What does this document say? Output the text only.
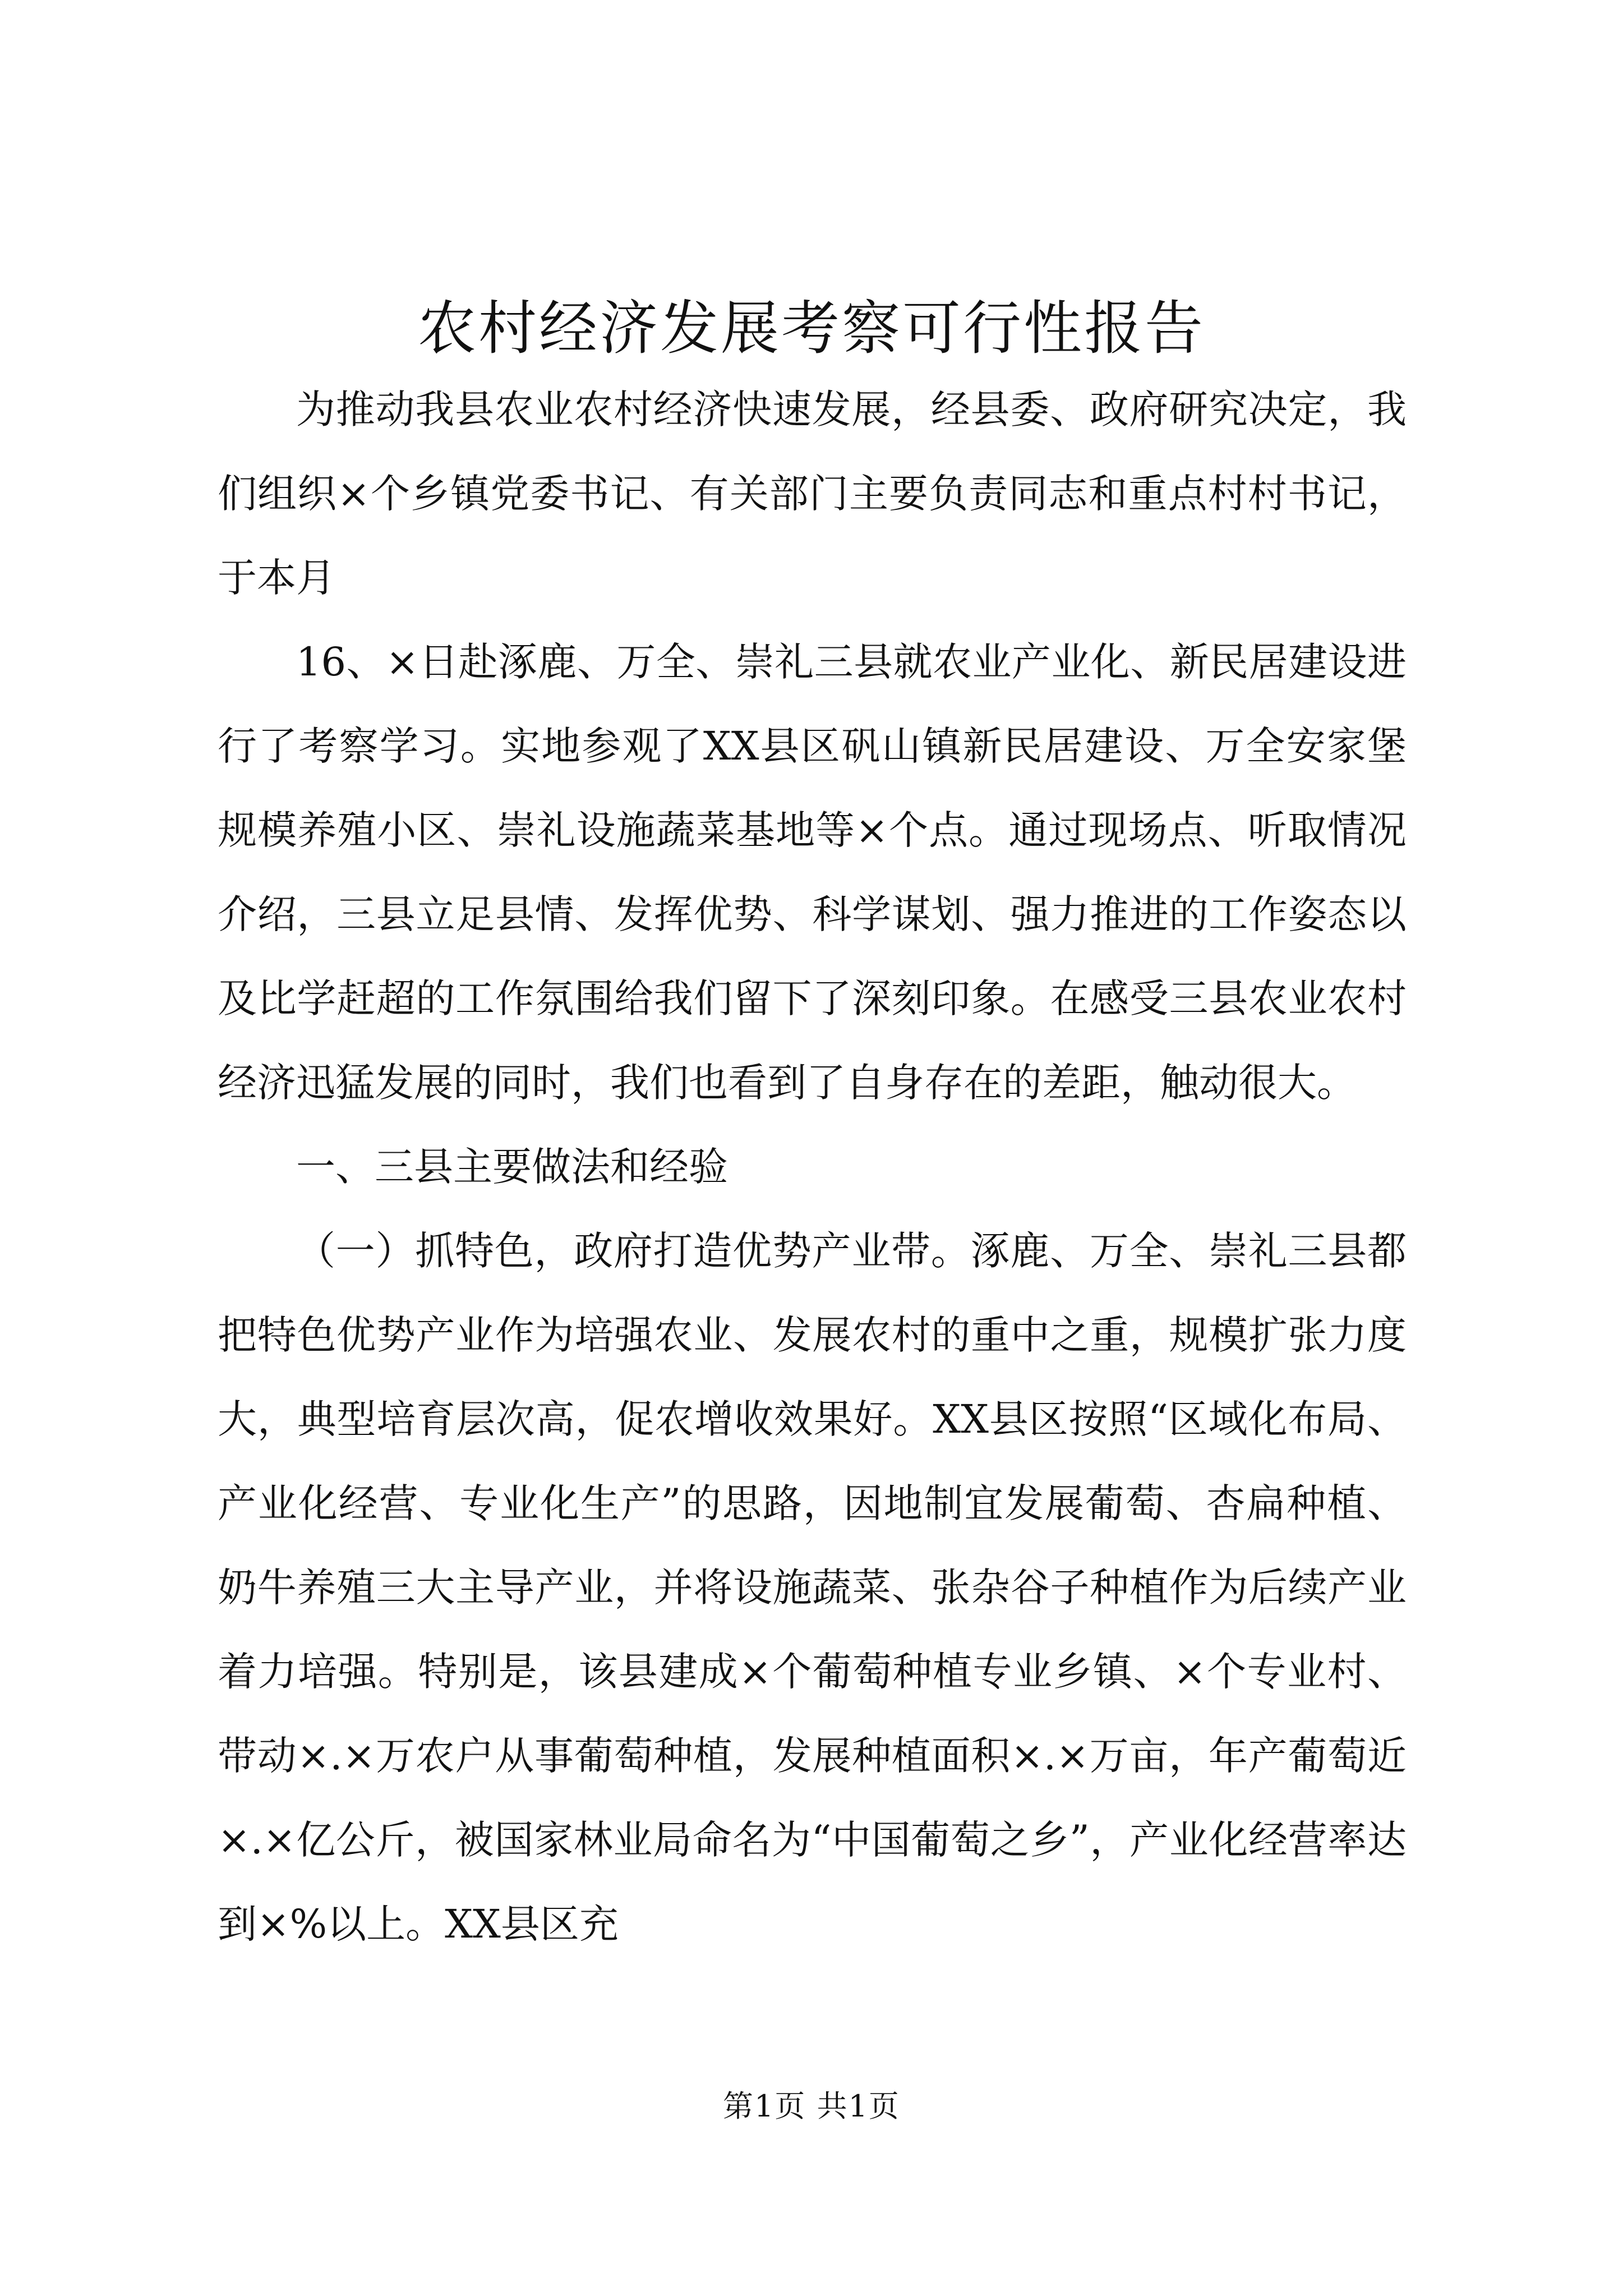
农村经济发展考察可行性报告

为推动我县农业农村经济快速发展，经县委、政府研究决定，我们组织×个乡镇党委书记、有关部门主要负责同志和重点村村书记，于本月

16、×日赴涿鹿、万全、崇礼三县就农业产业化、新民居建设进行了考察学习。实地参观了XX县区矾山镇新民居建设、万全安家堡规模养殖小区、崇礼设施蔬菜基地等×个点。通过现场点、听取情况介绍，三县立足县情、发挥优势、科学谋划、强力推进的工作姿态以及比学赶超的工作氛围给我们留下了深刻印象。在感受三县农业农村经济迅猛发展的同时，我们也看到了自身存在的差距，触动很大。

一、三县主要做法和经验

（一）抓特色，政府打造优势产业带。涿鹿、万全、崇礼三县都把特色优势产业作为培强农业、发展农村的重中之重，规模扩张力度大，典型培育层次高，促农增收效果好。XX县区按照“区域化布局、产业化经营、专业化生产”的思路，因地制宜发展葡萄、杏扁种植、奶牛养殖三大主导产业，并将设施蔬菜、张杂谷子种植作为后续产业着力培强。特别是，该县建成×个葡萄种植专业乡镇、×个专业村、带动×.×万农户从事葡萄种植，发展种植面积×.×万亩，年产葡萄近×.×亿公斤，被国家林业局命名为“中国葡萄之乡”，产业化经营率达到×%以上。XX县区充

第1页 共1页
